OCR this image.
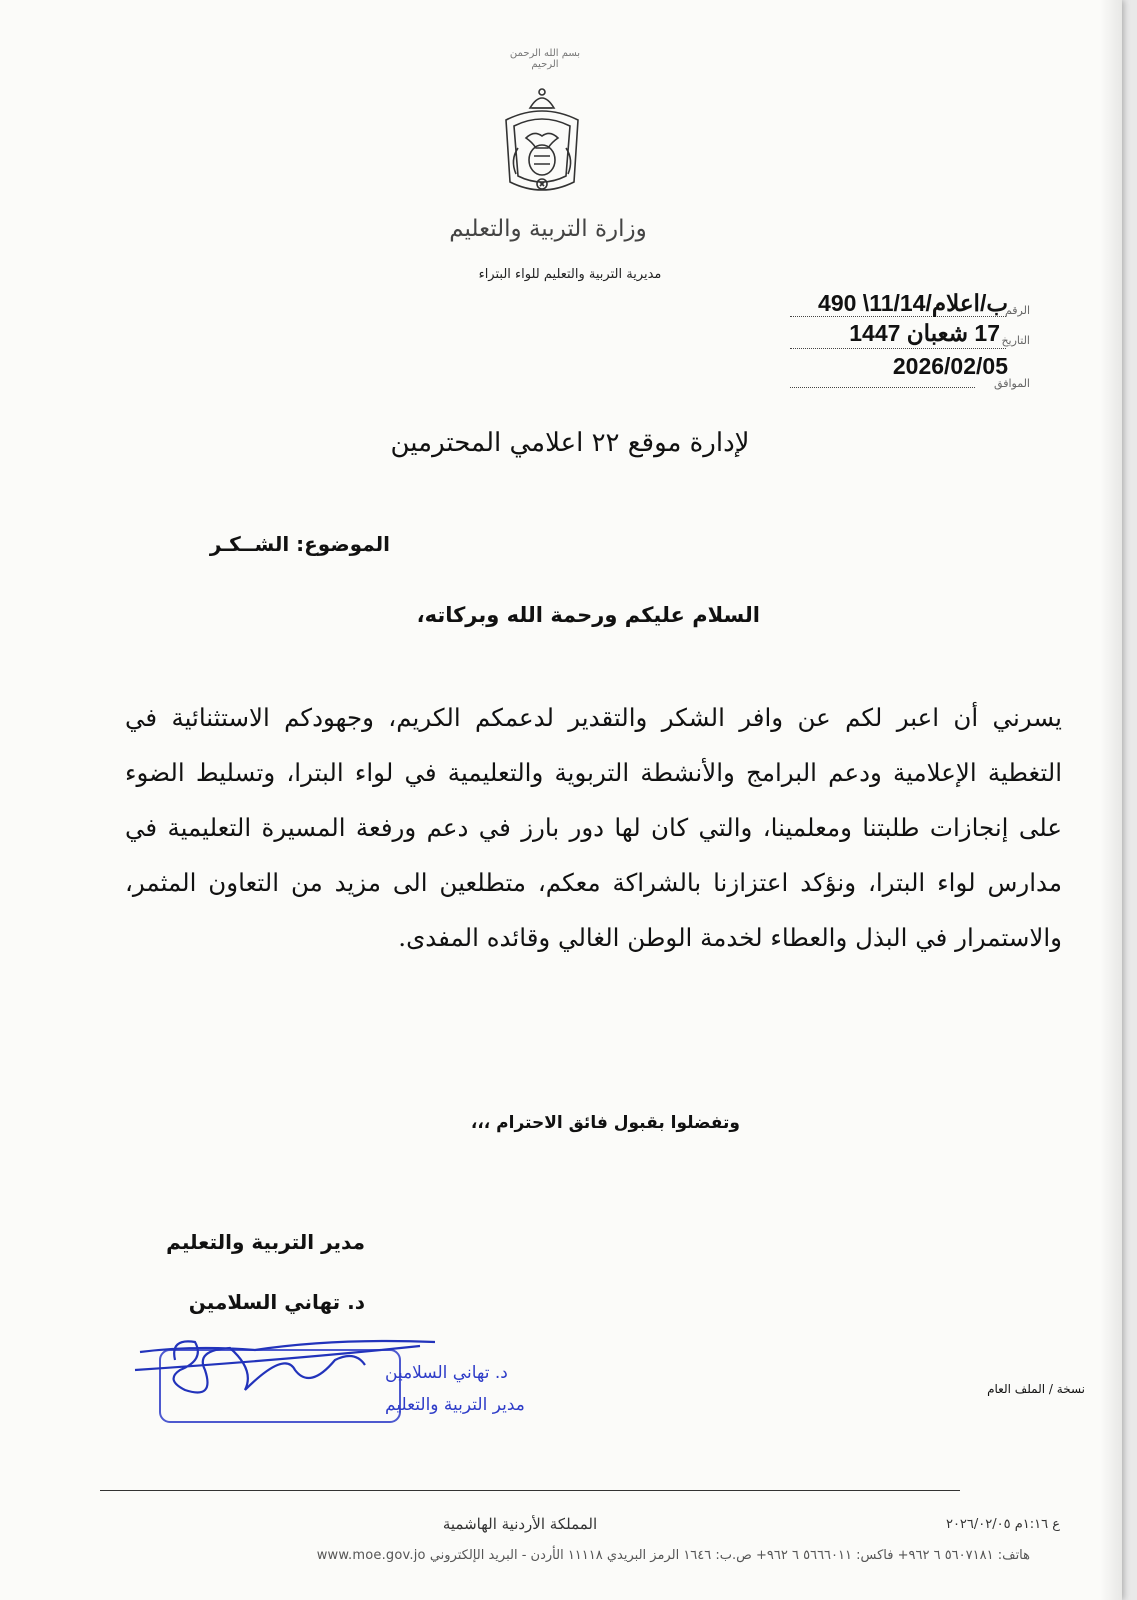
بسم الله الرحمن الرحيم
وزارة التربية والتعليم
مديرية التربية والتعليم للواء البتراء
الرقم
ب/اعلام/11/14\ 490
التاريخ
17 شعبان 1447
الموافق
2026/02/05
لإدارة موقع ٢٢ اعلامي المحترمين
الموضوع: الشــكـر
السلام عليكم ورحمة الله وبركاته،
يسرني أن اعبر لكم عن وافر الشكر والتقدير لدعمكم الكريم، وجهودكم الاستثنائية في التغطية الإعلامية ودعم البرامج والأنشطة التربوية والتعليمية في لواء البترا، وتسليط الضوء على إنجازات طلبتنا ومعلمينا، والتي كان لها دور بارز في دعم ورفعة المسيرة التعليمية في مدارس لواء البترا، ونؤكد اعتزازنا بالشراكة معكم، متطلعين الى مزيد من التعاون المثمر، والاستمرار في البذل والعطاء لخدمة الوطن الغالي وقائده المفدى.
وتفضلوا بقبول فائق الاحترام ،،،
مدير التربية والتعليم
د. تهاني السلامين
د. تهاني السلامين
مدير التربية والتعليم
نسخة / الملف العام
المملكة الأردنية الهاشمية	ع ١:١٦م ٢٠٢٦/٠٢/٠٥
هاتف: ٥٦٠٧١٨١ ٦ ٩٦٢+ فاكس: ٥٦٦٦٠١١ ٦ ٩٦٢+ ص.ب: ١٦٤٦ الرمز البريدي ١١١١٨ الأردن - البريد الإلكتروني www.moe.gov.jo
